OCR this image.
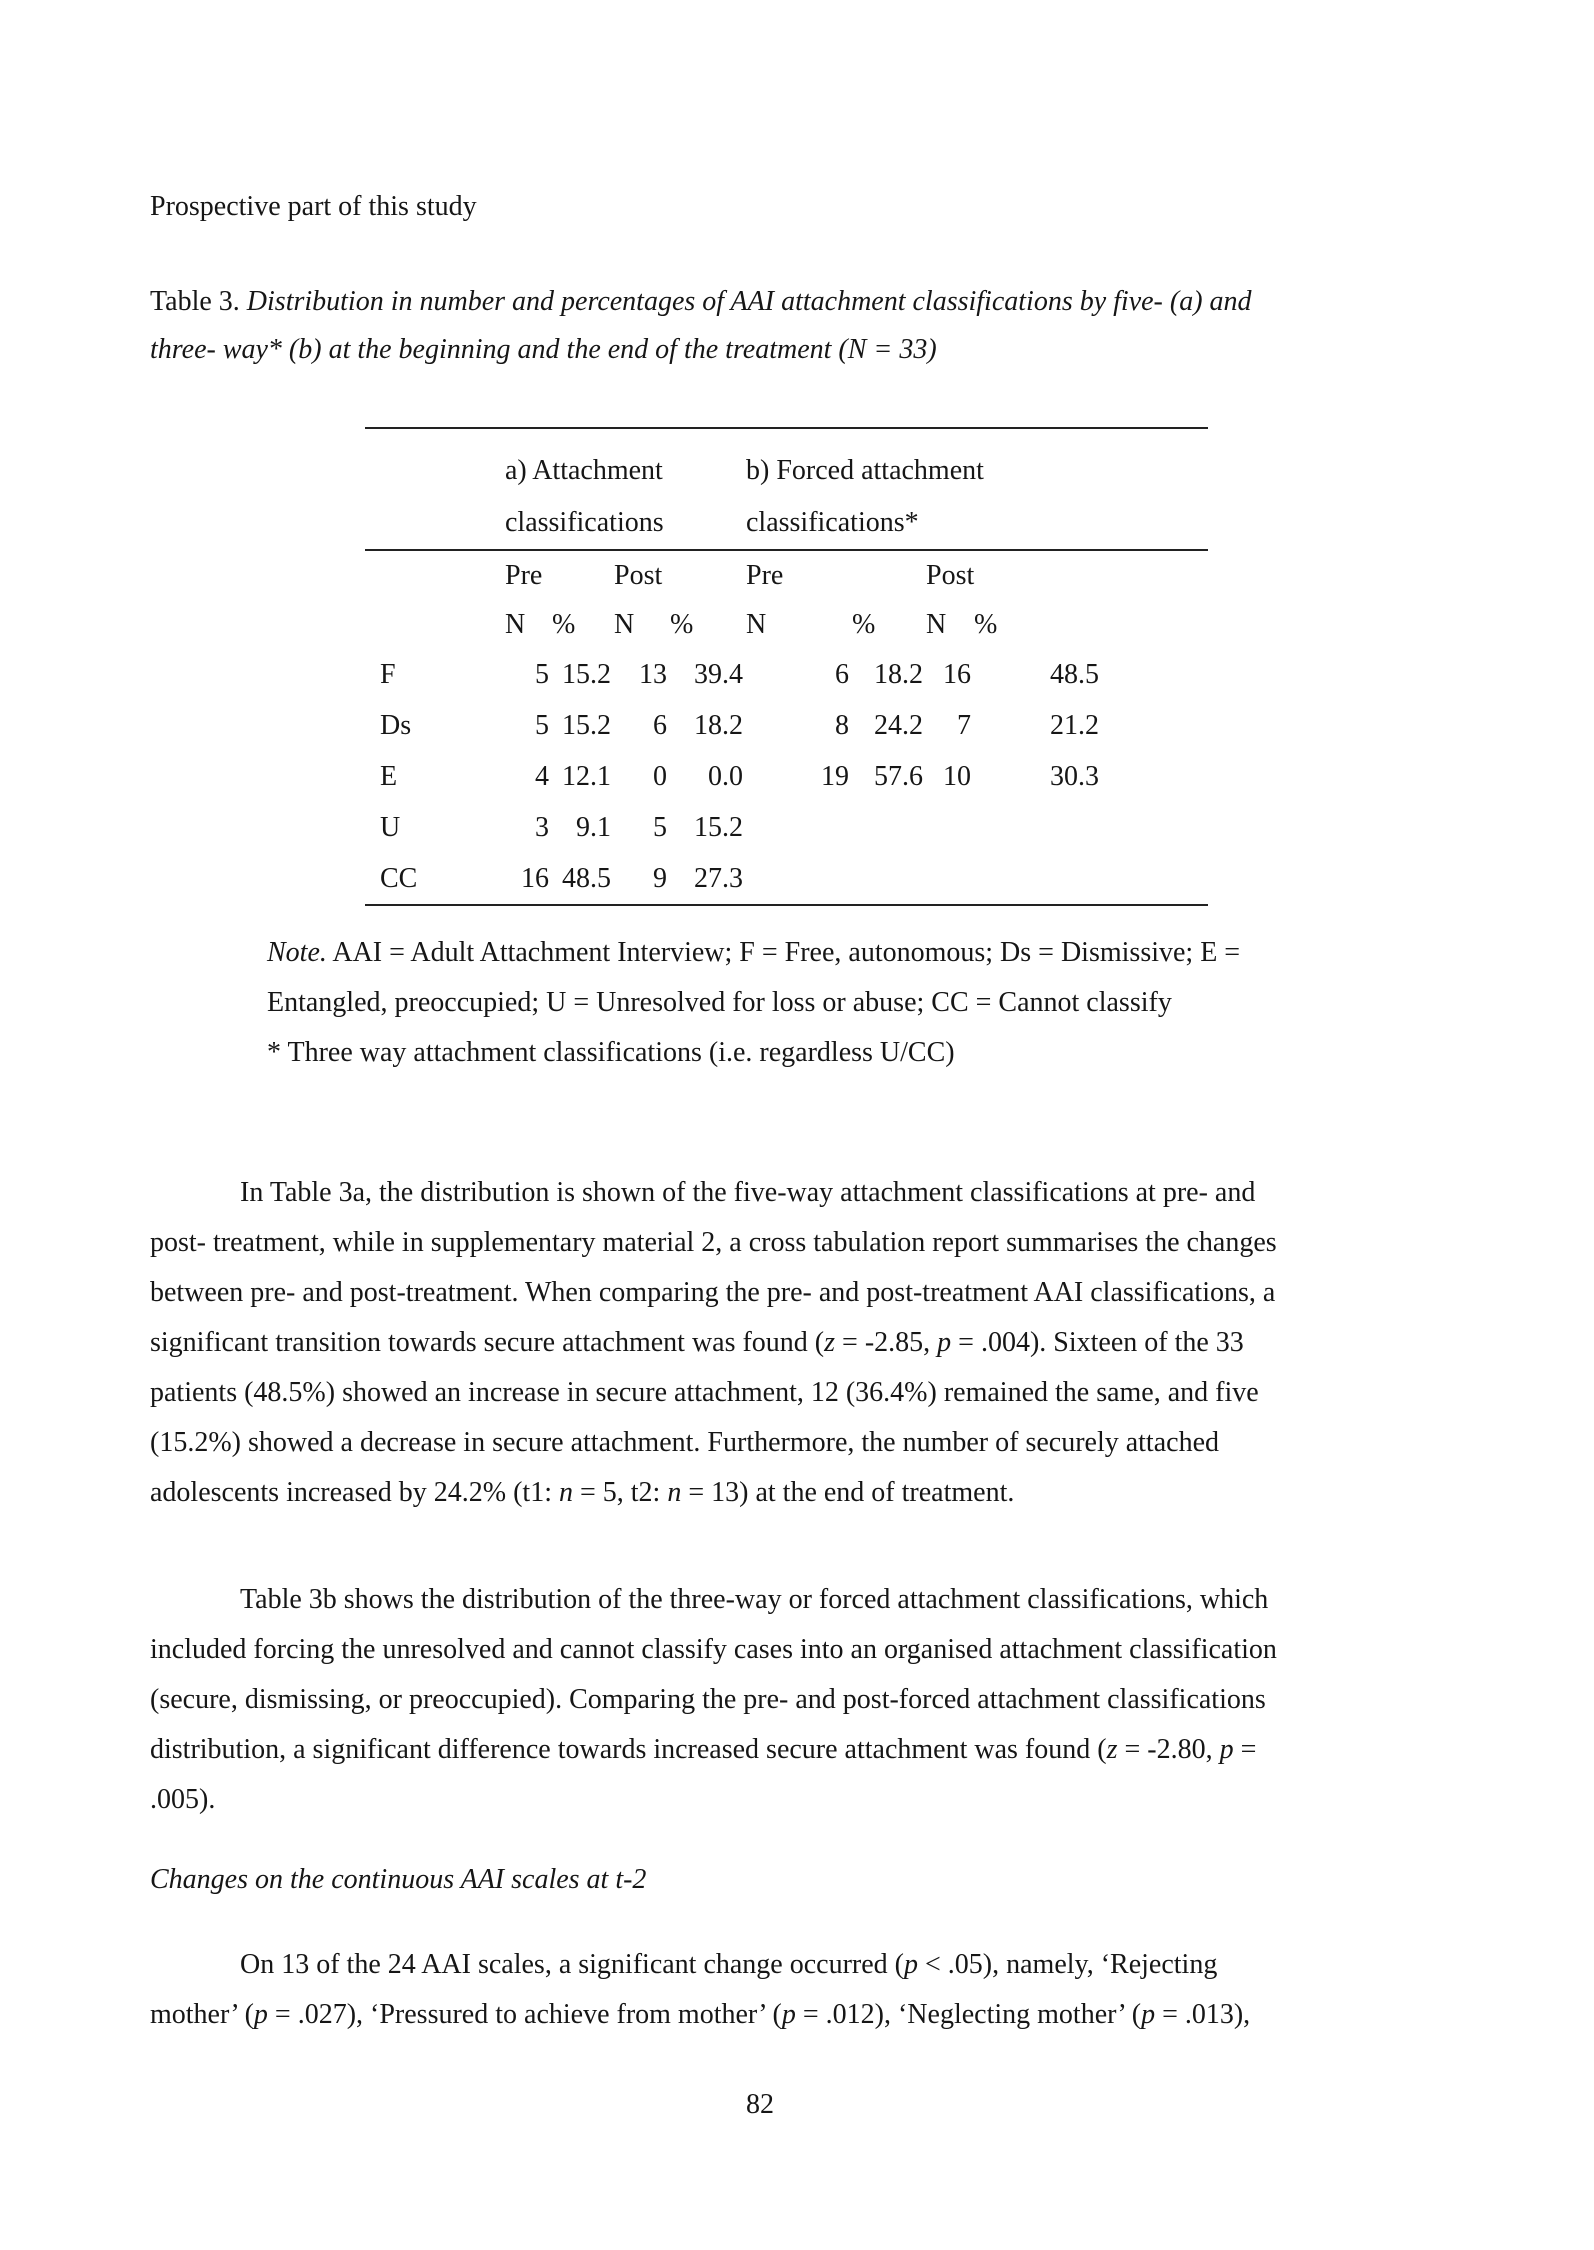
Prospective part of this study
Table 3. Distribution in number and percentages of AAI attachment classifications by five- (a) and
three- way* (b) at the beginning and the end of the treatment (N = 33)

a) Attachment
classifications

b) Forced attachment
classifications*

	Pre		Post		Pre		Post		
	N	%	N	%	N	%	N	%	
F	5	15.2	13	39.4	6	18.2	16	48.5	
Ds	5	15.2	6	18.2	8	24.2	7	21.2	
E	4	12.1	0	0.0	19	57.6	10	30.3	
U	3	9.1	5	15.2					
CC	16	48.5	9	27.3					
Note. AAI = Adult Attachment Interview; F = Free, autonomous; Ds = Dismissive; E =
Entangled, preoccupied; U = Unresolved for loss or abuse; CC = Cannot classify
* Three way attachment classifications (i.e. regardless U/CC)
In Table 3a, the distribution is shown of the five-way attachment classifications at pre- and
post- treatment, while in supplementary material 2, a cross tabulation report summarises the changes
between pre- and post-treatment. When comparing the pre- and post-treatment AAI classifications, a
significant transition towards secure attachment was found (z = -2.85, p = .004). Sixteen of the 33
patients (48.5%) showed an increase in secure attachment, 12 (36.4%) remained the same, and five
(15.2%) showed a decrease in secure attachment. Furthermore, the number of securely attached
adolescents increased by 24.2% (t1: n = 5, t2: n = 13) at the end of treatment.
Table 3b shows the distribution of the three-way or forced attachment classifications, which
included forcing the unresolved and cannot classify cases into an organised attachment classification
(secure, dismissing, or preoccupied). Comparing the pre- and post-forced attachment classifications
distribution, a significant difference towards increased secure attachment was found (z = -2.80, p =
.005).
Changes on the continuous AAI scales at t-2
On 13 of the 24 AAI scales, a significant change occurred (p < .05), namely, ‘Rejecting
mother’ (p = .027), ‘Pressured to achieve from mother’ (p = .012), ‘Neglecting mother’ (p = .013),
82
